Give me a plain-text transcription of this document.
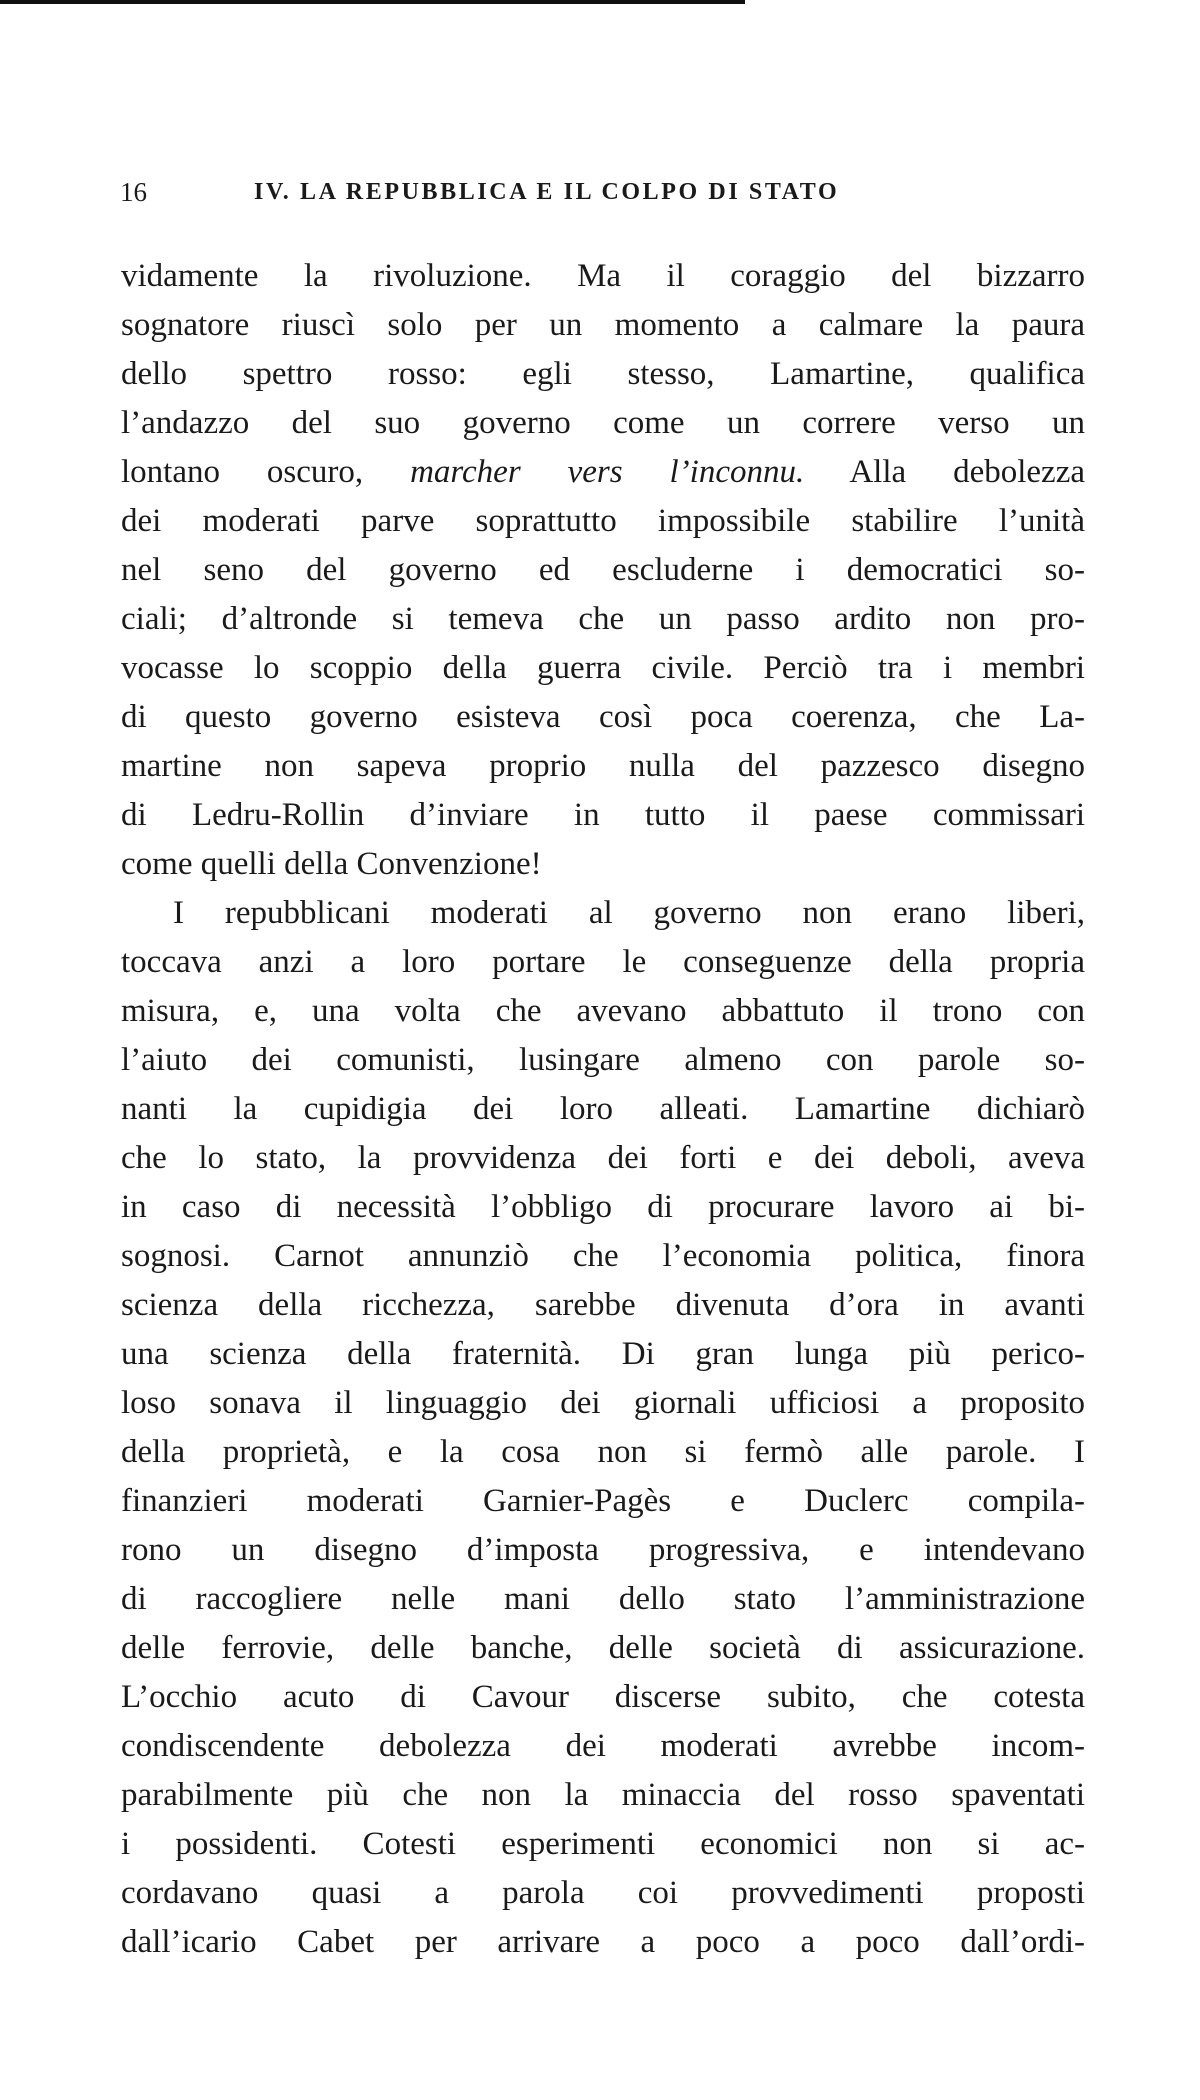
16	IV. LA REPUBBLICA E IL COLPO DI STATO
vidamente la rivoluzione. Ma il coraggio del bizzarro
sognatore riuscì solo per un momento a calmare la paura
dello spettro rosso: egli stesso, Lamartine, qualifica
l’andazzo del suo governo come un correre verso un
lontano oscuro, marcher vers l’inconnu. Alla debolezza
dei moderati parve soprattutto impossibile stabilire l’unità
nel seno del governo ed escluderne i democratici so-
ciali; d’altronde si temeva che un passo ardito non pro-
vocasse lo scoppio della guerra civile. Perciò tra i membri
di questo governo esisteva così poca coerenza, che La-
martine non sapeva proprio nulla del pazzesco disegno
di Ledru-Rollin d’inviare in tutto il paese commissari
come quelli della Convenzione!
I repubblicani moderati al governo non erano liberi,
toccava anzi a loro portare le conseguenze della propria
misura, e, una volta che avevano abbattuto il trono con
l’aiuto dei comunisti, lusingare almeno con parole so-
nanti la cupidigia dei loro alleati. Lamartine dichiarò
che lo stato, la provvidenza dei forti e dei deboli, aveva
in caso di necessità l’obbligo di procurare lavoro ai bi-
sognosi. Carnot annunziò che l’economia politica, finora
scienza della ricchezza, sarebbe divenuta d’ora in avanti
una scienza della fraternità. Di gran lunga più perico-
loso sonava il linguaggio dei giornali ufficiosi a proposito
della proprietà, e la cosa non si fermò alle parole. I
finanzieri moderati Garnier-Pagès e Duclerc compila-
rono un disegno d’imposta progressiva, e intendevano
di raccogliere nelle mani dello stato l’amministrazione
delle ferrovie, delle banche, delle società di assicurazione.
L’occhio acuto di Cavour discerse subito, che cotesta
condiscendente debolezza dei moderati avrebbe incom-
parabilmente più che non la minaccia del rosso spaventati
i possidenti. Cotesti esperimenti economici non si ac-
cordavano quasi a parola coi provvedimenti proposti
dall’icario Cabet per arrivare a poco a poco dall’ordi-
